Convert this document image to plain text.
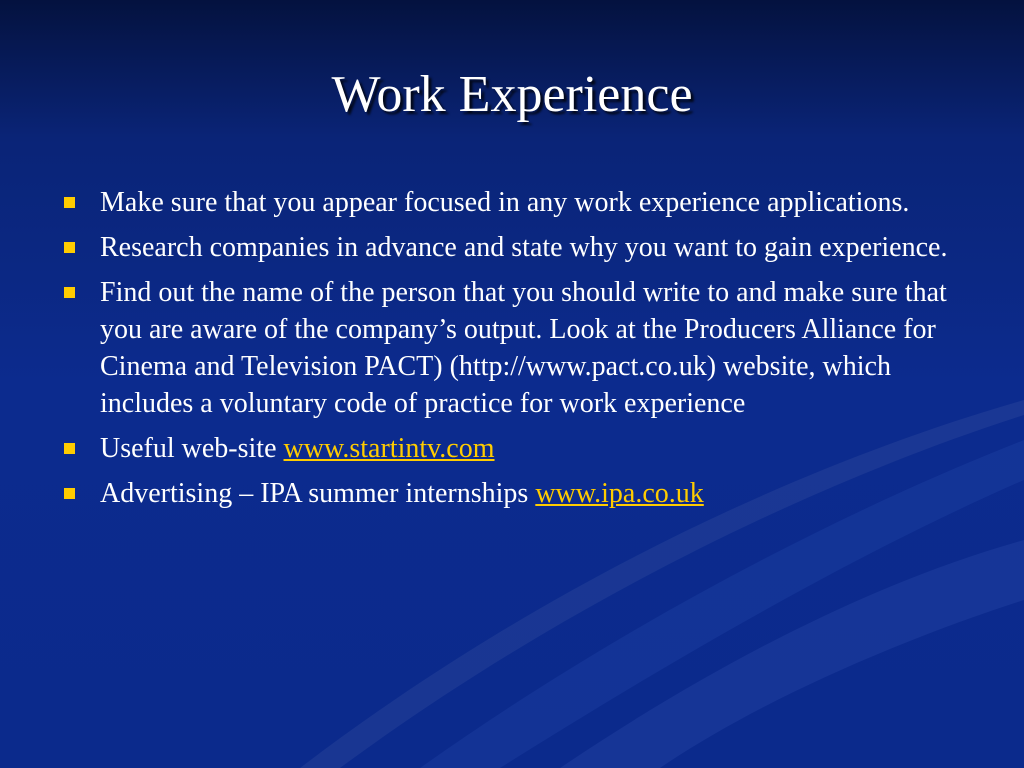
Work Experience
Make sure that you appear focused in any work experience applications.
Research companies in advance and state why you want to gain experience.
Find out the name of the person that you should write to and make sure that you are aware of the company’s output. Look at the Producers Alliance for Cinema and Television PACT) (http://www.pact.co.uk) website, which includes a voluntary code of practice for work experience
Useful web-site www.startintv.com
Advertising – IPA summer internships www.ipa.co.uk
